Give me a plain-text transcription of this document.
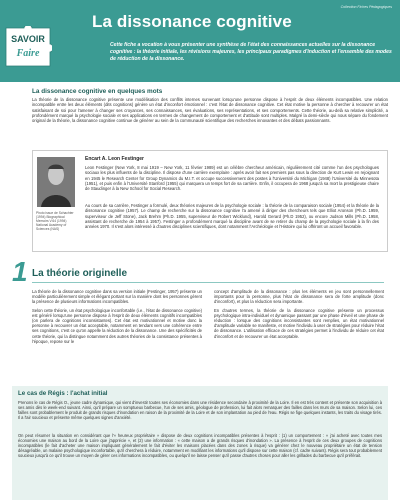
Collection Fiches Pédagogiques
SAVOIR
Faire
La dissonance cognitive
Cette fiche a vocation à vous présenter une synthèse de l'état des connaissances actuelles sur la dissonance cognitive : la théorie initiale, les révisions majeures, les principaux paradigmes d'induction et l'ensemble des modes de réduction de la dissonance.
La dissonance cognitive en quelques mots

La théorie de la dissonance cognitive présente une modélisation des conflits internes survenant lorsqu'une personne dispose à l'esprit de deux éléments incompatibles. Une relation incompatible entre les deux éléments (dits cognitions) génère un état d'inconfort émotionnel : c'est l'état de dissonance cognitive. Cet état motive la personne à chercher à recouvrer un état satisfaisant de soi pour l'amener à changer ses croyances, ses connaissances, ses évaluations, ses représentations, et ses comportements. Cette théorie, au-delà sa relative simplicité, a profondément marqué la psychologie sociale et ses applications en termes de changement de comportement et d'attitude sont multiples. Malgré la demi-siècle qui nous sépare du fondement original de la théorie, la dissonance cognitive continue de générer au sein de la communauté scientifique des recherches innovantes et des débats passionnants.

Photo issue de Schachter (1994) Biographical Memoirs V.64 (1994) National Academy of Sciences (NAS)
Encart A. Leon Festinger

Leon Festinger (New York, 8 mai 1919 – New York, 11 février 1989) est un célèbre chercheur américain, régulièrement cité comme l'un des psychologues sociaux les plus influents de la discipline. Il dispose d'une carrière exemplaire : après avoir fait ses premiers pas sous la direction de Kurt Lewin en rejoignant en 1945 le Research Center for Group Dynamics du M.I.T. et occupe successivement des postes à l'Université du Michigan (1948) l'Université du Minnesota (1951), et puis enfin à l'Université Stanford (1955) qui marquera un temps fort de sa carrière. Enfin, il occupera de 1968 jusqu'à sa mort la prestigieuse chaire de Staudinger à la New School for Social Research.

Au cours de sa carrière, Festinger a formulé, deux théories majeures de la psychologie sociale : la théorie de la comparaison sociale (1954) et la théorie de la dissonance cognitive (1957). Le champ de recherche sur la dissonance cognitive l'a amené à diriger des chercheurs tels que Elliot Aronson (Ph.D. 1959, superviseur de Jeff Stone), Jack Brehm (Ph.D. 1955, superviseur de Robert Wicklund), Harold Gerard (Ph.D 1952), ou encore Judson Mills (Ph.D. 1958, assistant de recherche de 1954 à 1957). Festinger a profondément marqué la discipline avant de se retirer du champ de la psychologie sociale à la fin des années 1970. Il s'est alors intéressé à d'autres disciplines scientifiques, dont notamment l'Archéologie et l'Histoire qui lui offriront un accueil favorable.

1 La théorie originelle

La théorie de la dissonance cognitive dans sa version initiale (Festinger, 1957) présente un modèle particulièrement simple et élégant portant sur la manière dont les personnes gèrent la présence de plusieurs informations incompatibles.

Selon cette théorie, un état psychologique inconfortable (i.e., l'état de dissonance cognitive) est généré lorsqu'une personne dispose à l'esprit de deux éléments cognitifs incompatibles (on parlera de cognitions inconsistantes). Cet état est motivationnel et motive donc la personne à recouvrer un état acceptable, notamment en tendant vers une cohérence entre ses cognitions, c'est ce qu'on appelle la réduction de la dissonance. Une des spécificités de cette théorie, qui la distingue notamment des autres théories de la consistance présentes à l'époque, repose sur le

concept d'amplitude de la dissonance : plus les éléments en jeu sont personnellement importants pour la personne, plus l'état de dissonance sera de forte amplitude (donc d'inconfort), et plus la réduction sera importante.

En d'autres termes, la théorie de la dissonance cognitive présente un processus psychologique intra-individuel et dynamique passant par une phase d'éveil et une phase de réduction : lorsque des cognitions inconsistantes sont remplies, un état motivationnel d'amplitude variable se manifeste, et motive l'individu à user de stratégies pour réduire l'état de dissonance. L'utilisation efficace de ces stratégies permet à l'individu de réduire cet état d'inconfort et de recouvrer un état acceptable.

Le cas de Régis : l'achat initial

Prenons le cas de Régis O., jeune cadre dynamique, qui vient d'investir toutes ses économies dans une résidence secondaire à proximité de la Loire. Il en est très content et présente son acquisition à ses amis dès le week-end suivant. Ainsi, qu'il prépare un somptueux barbecue, l'un de ses amis, géologue de profession, lui fait alors remarquer des failles dans les murs de sa maison. Selon lui, ces failles sont probablement le produit de grands risques d'inondation en raison de la proximité de la Loire et de son implantation au pied de l'eau. Régis se fige quelques instants, les traits du visage tirés. Il a l'air soucieux et présente même quelques signes d'anxiété.

On peut résumer la situation en considérant que l'« heureux propriétaire » dispose de deux cognitions incompatibles présentes à l'esprit : (1) un comportement : « j'ai acheté avec toutes mes économies une maison au bord de la Loire que j'apprécie », et (2) une information : « cette maison a de grands risques d'inondation ». La présence à l'esprit de ces deux groupes de cognitions incompatibles (le fait d'acheter une maison impliquant généralement le fait d'éviter les maisons placées dans des zones à risque) va générer chez le nouveau propriétaire un état de tension désagréable, un malaise psychologique inconfortable, qu'il cherchera à réduire, notamment en modifiant les informations qu'il dispose sur cette maison (cf. cadre suivant). Régis sera tout probablement soucieux jusqu'à ce qu'il trouve un moyen de gérer ces informations incompatibles, ou quelqu'il ne laisse penser qu'il passe d'autres choses pour aller les grillades du barbecue qu'il préférait.
